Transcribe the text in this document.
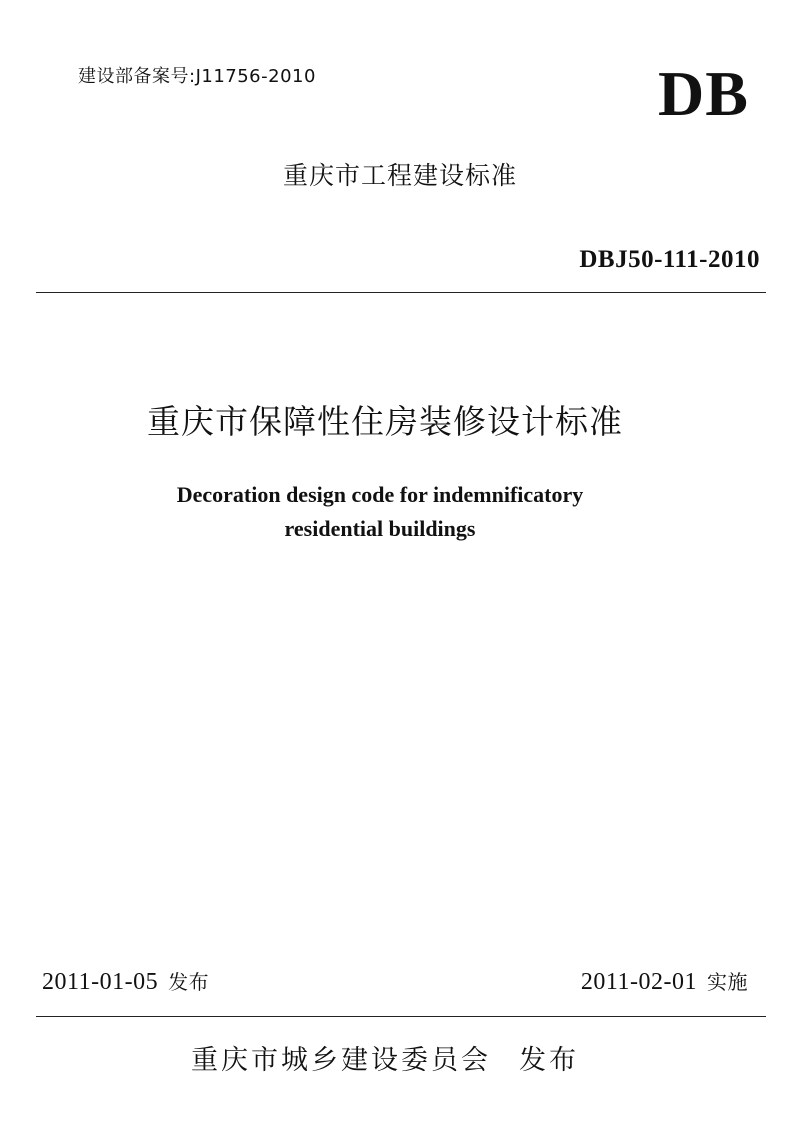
建设部备案号:J11756-2010	DB
重庆市工程建设标准
DBJ50-111-2010
重庆市保障性住房装修设计标准
Decoration design code for indemnificatory
residential buildings
2011-01-05 发布	2011-02-01 实施
重庆市城乡建设委员会 发布
